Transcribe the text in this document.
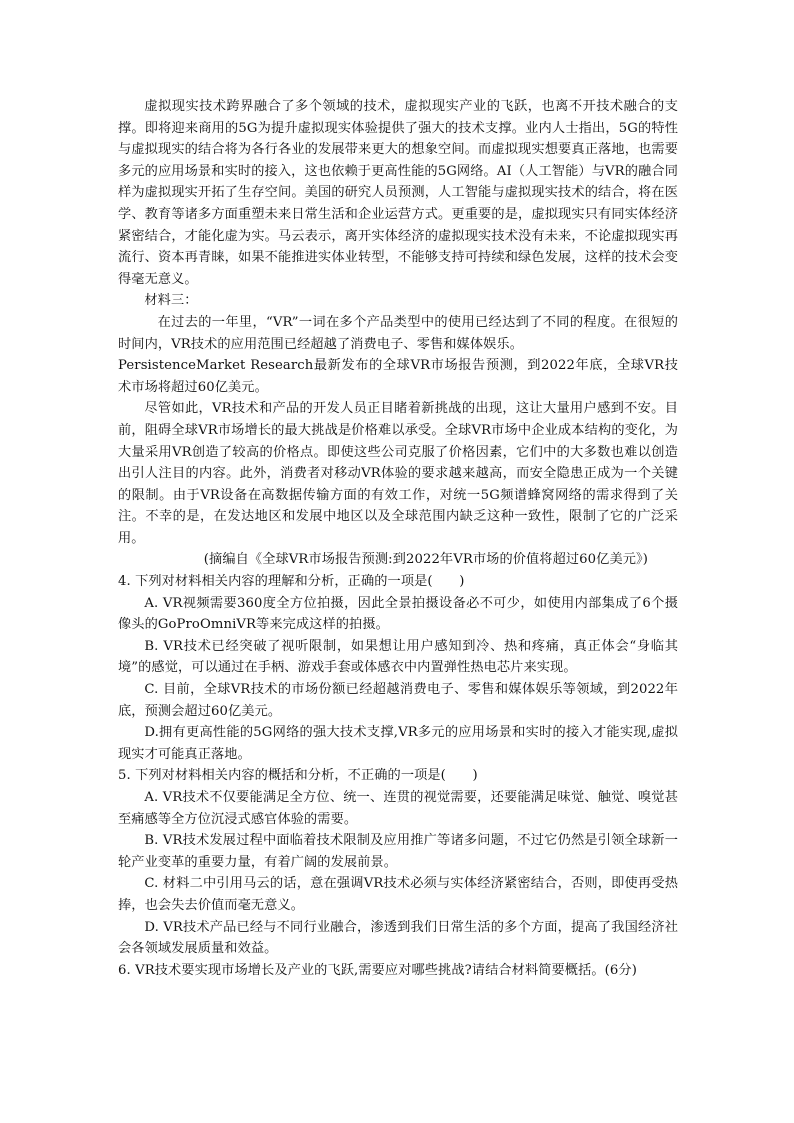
虚拟现实技术跨界融合了多个领域的技术，虚拟现实产业的飞跃，也离不开技术融合的支撑。即将迎来商用的5G为提升虚拟现实体验提供了强大的技术支撑。业内人士指出，5G的特性与虚拟现实的结合将为各行各业的发展带来更大的想象空间。而虚拟现实想要真正落地，也需要多元的应用场景和实时的接入，这也依赖于更高性能的5G网络。AI（人工智能）与VR的融合同样为虚拟现实开拓了生存空间。美国的研究人员预测，人工智能与虚拟现实技术的结合，将在医学、教育等诸多方面重塑未来日常生活和企业运营方式。更重要的是，虚拟现实只有同实体经济紧密结合，才能化虚为实。马云表示，离开实体经济的虚拟现实技术没有未来，不论虚拟现实再流行、资本再青睐，如果不能推进实体业转型，不能够支持可持续和绿色发展，这样的技术会变得毫无意义。

材料三：

在过去的一年里，“VR”一词在多个产品类型中的使用已经达到了不同的程度。在很短的时间内，VR技术的应用范围已经超越了消费电子、零售和媒体娱乐。

PersistenceMarket Research最新发布的全球VR市场报告预测，到2022年底，全球VR技术市场将超过60亿美元。

尽管如此，VR技术和产品的开发人员正目睹着新挑战的出现，这让大量用户感到不安。目前，阻碍全球VR市场增长的最大挑战是价格难以承受。全球VR市场中企业成本结构的变化，为大量采用VR创造了较高的价格点。即使这些公司克服了价格因素，它们中的大多数也难以创造出引人注目的内容。此外，消费者对移动VR体验的要求越来越高，而安全隐患正成为一个关键的限制。由于VR设备在高数据传输方面的有效工作，对统一5G频谱蜂窝网络的需求得到了关注。不幸的是，在发达地区和发展中地区以及全球范围内缺乏这种一致性，限制了它的广泛采用。

(摘编自《全球VR市场报告预测:到2022年VR市场的价值将超过60亿美元》)

4. 下列对材料相关内容的理解和分析，正确的一项是(　　)

A. VR视频需要360度全方位拍摄，因此全景拍摄设备必不可少，如使用内部集成了6个摄像头的GoProOmniVR等来完成这样的拍摄。

B. VR技术已经突破了视听限制，如果想让用户感知到冷、热和疼痛，真正体会“身临其境”的感觉，可以通过在手柄、游戏手套或体感衣中内置弹性热电芯片来实现。

C. 目前，全球VR技术的市场份额已经超越消费电子、零售和媒体娱乐等领域，到2022年底，预测会超过60亿美元。

D.拥有更高性能的5G网络的强大技术支撑,VR多元的应用场景和实时的接入才能实现,虚拟现实才可能真正落地。

5. 下列对材料相关内容的概括和分析，不正确的一项是(　　)

A. VR技术不仅要能满足全方位、统一、连贯的视觉需要，还要能满足味觉、触觉、嗅觉甚至痛感等全方位沉浸式感官体验的需要。

B. VR技术发展过程中面临着技术限制及应用推广等诸多问题，不过它仍然是引领全球新一轮产业变革的重要力量，有着广阔的发展前景。

C. 材料二中引用马云的话，意在强调VR技术必须与实体经济紧密结合，否则，即使再受热捧，也会失去价值而毫无意义。

D. VR技术产品已经与不同行业融合，渗透到我们日常生活的多个方面，提高了我国经济社会各领域发展质量和效益。

6. VR技术要实现市场增长及产业的飞跃,需要应对哪些挑战?请结合材料简要概括。(6分)
